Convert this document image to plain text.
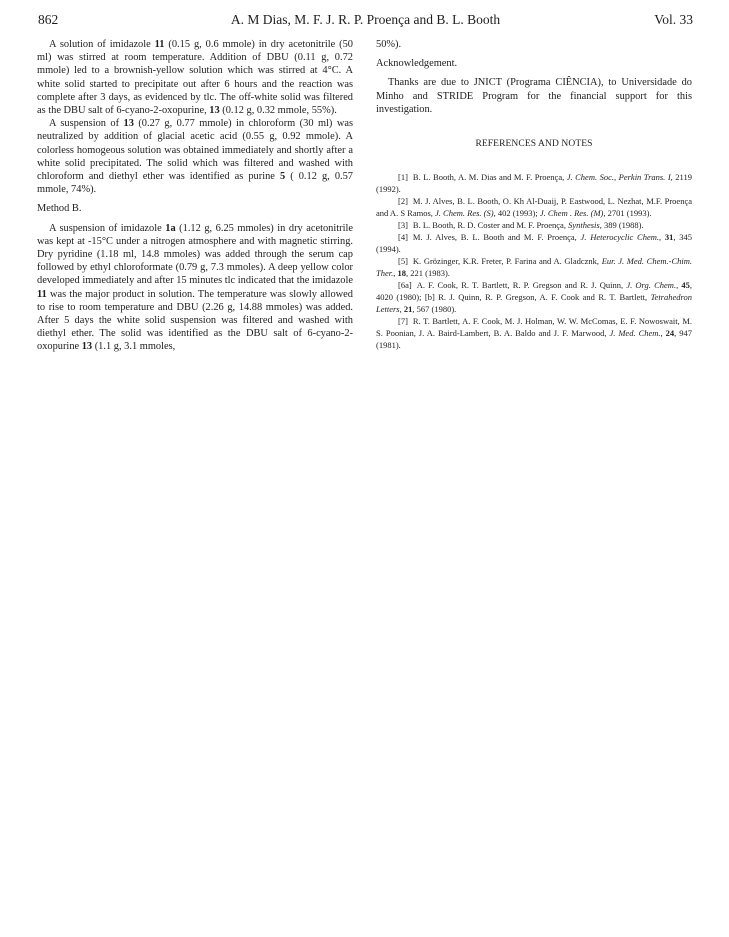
862	A. M Dias, M. F. J. R. P. Proença and B. L. Booth	Vol. 33

A solution of imidazole 11 (0.15 g, 0.6 mmole) in dry acetonitrile (50 ml) was stirred at room temperature. Addition of DBU (0.11 g, 0.72 mmole) led to a brownish-yellow solution which was stirred at 4°C. A white solid started to precipitate out after 6 hours and the reaction was complete after 3 days, as evidenced by tlc. The off-white solid was filtered as the DBU salt of 6-cyano-2-oxopurine, 13 (0.12 g, 0.32 mmole, 55%).

A suspension of 13 (0.27 g, 0.77 mmole) in chloroform (30 ml) was neutralized by addition of glacial acetic acid (0.55 g, 0.92 mmole). A colorless homogeous solution was obtained immediately and shortly after a white solid precipitated. The solid which was filtered and washed with chloroform and diethyl ether was identified as purine 5 ( 0.12 g, 0.57 mmole, 74%).

Method B.

A suspension of imidazole 1a (1.12 g, 6.25 mmoles) in dry acetonitrile was kept at -15°C under a nitrogen atmosphere and with magnetic stirring. Dry pyridine (1.18 ml, 14.8 mmoles) was added through the serum cap followed by ethyl chloroformate (0.79 g, 7.3 mmoles). A deep yellow color developed immediately and after 15 minutes tlc indicated that the imidazole 11 was the major product in solution. The temperature was slowly allowed to rise to room temperature and DBU (2.26 g, 14.88 mmoles) was added. After 5 days the white solid suspension was filtered and washed with diethyl ether. The solid was identified as the DBU salt of 6-cyano-2-oxopurine 13 (1.1 g, 3.1 mmoles,

50%).

Acknowledgement.

Thanks are due to JNICT (Programa CIÊNCIA), to Universidade do Minho and STRIDE Program for the financial support for this investigation.

REFERENCES AND NOTES

[1] B. L. Booth, A. M. Dias and M. F. Proença, J. Chem. Soc., Perkin Trans. I, 2119 (1992).

[2] M. J. Alves, B. L. Booth, O. Kh Al-Duaij, P. Eastwood, L. Nezhat, M.F. Proença and A. S Ramos, J. Chem. Res. (S), 402 (1993); J. Chem . Res. (M), 2701 (1993).

[3] B. L. Booth, R. D. Coster and M. F. Proença, Synthesis, 389 (1988).

[4] M. J. Alves, B. L. Booth and M. F. Proença, J. Heterocyclic Chem., 31, 345 (1994).

[5] K. Grözinger, K.R. Freter, P. Farina and A. Gladcznk, Eur. J. Med. Chem.-Chim. Ther., 18, 221 (1983).

[6a] A. F. Cook, R. T. Bartlett, R. P. Gregson and R. J. Quinn, J. Org. Chem., 45, 4020 (1980); [b] R. J. Quinn, R. P. Gregson, A. F. Cook and R. T. Bartlett, Tetrahedron Letters, 21, 567 (1980).

[7] R. T. Bartlett, A. F. Cook, M. J. Holman, W. W. McComas, E. F. Nowoswait, M. S. Poonian, J. A. Baird-Lambert, B. A. Baldo and J. F. Marwood, J. Med. Chem., 24, 947 (1981).
